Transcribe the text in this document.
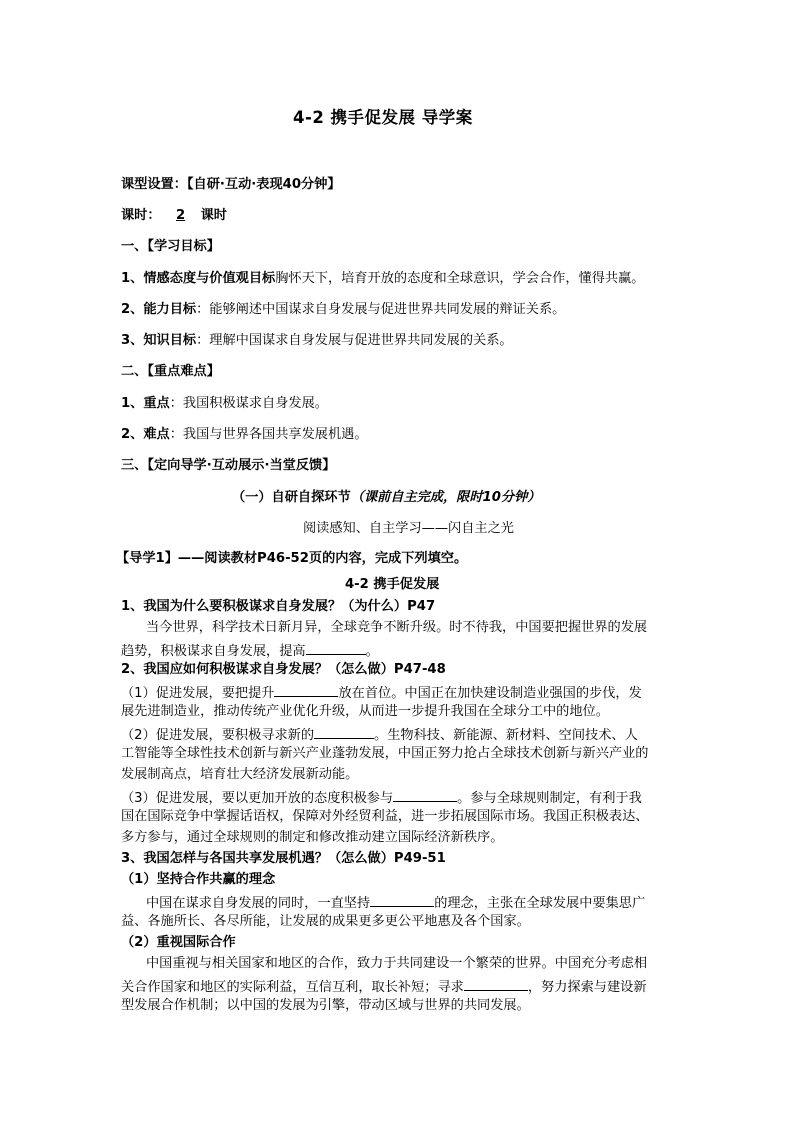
4-2 携手促发展 导学案
课型设置：【自研·互动·表现40分钟】
课时： 2 课时
一、【学习目标】
1、情感态度与价值观目标胸怀天下，培育开放的态度和全球意识，学会合作，懂得共赢。
2、能力目标：能够阐述中国谋求自身发展与促进世界共同发展的辩证关系。
3、知识目标：理解中国谋求自身发展与促进世界共同发展的关系。
二、【重点难点】
1、重点：我国积极谋求自身发展。
2、难点：我国与世界各国共享发展机遇。
三、【定向导学·互动展示·当堂反馈】
（一）自研自探环节（课前自主完成，限时10分钟）
阅读感知、自主学习——闪自主之光
【导学1】——阅读教材P46-52页的内容，完成下列填空。
4-2 携手促发展
1、我国为什么要积极谋求自身发展？（为什么）P47
当今世界，科学技术日新月异，全球竞争不断升级。时不待我，中国要把握世界的发展
趋势，积极谋求自身发展，提高	。
2、我国应如何积极谋求自身发展？（怎么做）P47-48
（1）促进发展，要把提升	放在首位。中国正在加快建设制造业强国的步伐，发
展先进制造业，推动传统产业优化升级，从而进一步提升我国在全球分工中的地位。
（2）促进发展，要积极寻求新的	。生物科技、新能源、新材料、空间技术、人
工智能等全球性技术创新与新兴产业蓬勃发展，中国正努力抢占全球技术创新与新兴产业的
发展制高点，培育壮大经济发展新动能。
（3）促进发展，要以更加开放的态度积极参与	。参与全球规则制定，有利于我
国在国际竞争中掌握话语权，保障对外经贸利益，进一步拓展国际市场。我国正积极表达、
多方参与，通过全球规则的制定和修改推动建立国际经济新秩序。
3、我国怎样与各国共享发展机遇？（怎么做）P49-51
（1）坚持合作共赢的理念
中国在谋求自身发展的同时，一直坚持	的理念，主张在全球发展中要集思广
益、各施所长、各尽所能，让发展的成果更多更公平地惠及各个国家。
（2）重视国际合作
中国重视与相关国家和地区的合作，致力于共同建设一个繁荣的世界。中国充分考虑相
关合作国家和地区的实际利益，互信互利，取长补短；寻求	，努力探索与建设新
型发展合作机制；以中国的发展为引擎，带动区域与世界的共同发展。
